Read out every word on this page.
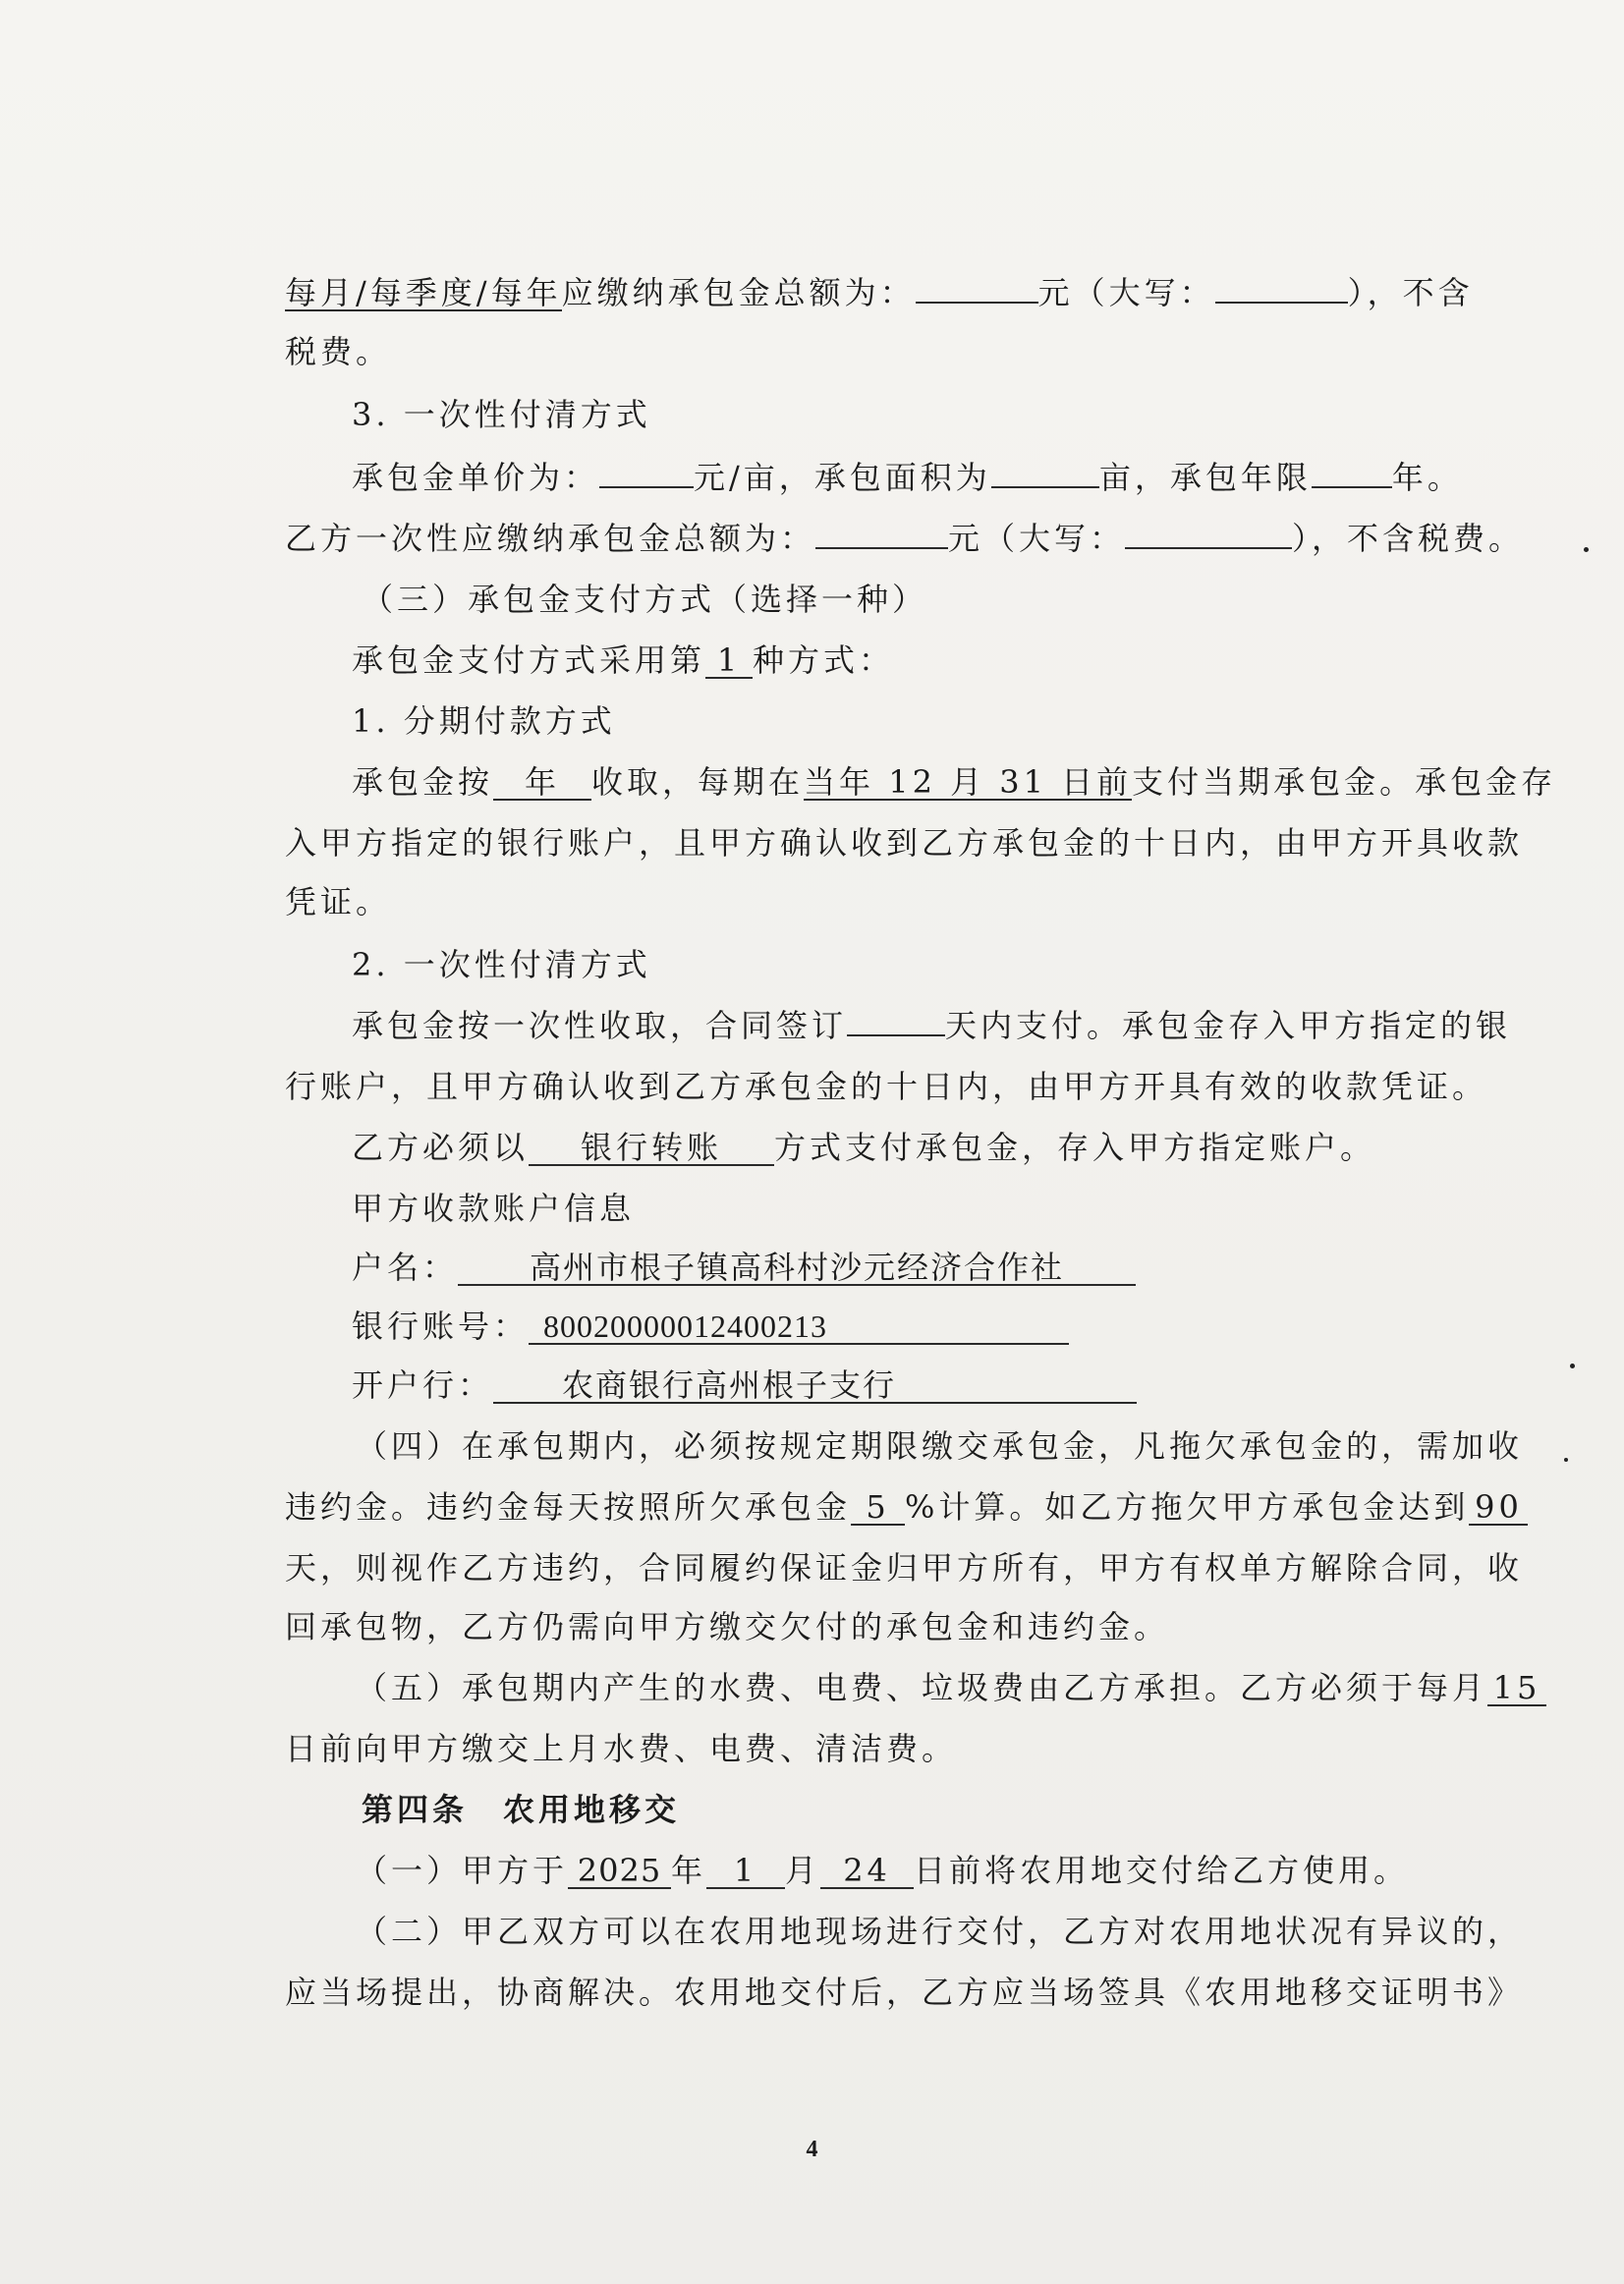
每月/每季度/每年应缴纳承包金总额为：	元（大写：	），不含
税费。
3. 一次性付清方式
承包金单价为：	元/亩，承包面积为	亩，承包年限	年。
乙方一次性应缴纳承包金总额为：	元（大写：	），不含税费。
（三）承包金支付方式（选择一种）
承包金支付方式采用第 1 种方式：
1. 分期付款方式
承包金按 年 收取，每期在当年 12 月 31 日前支付当期承包金。承包金存
入甲方指定的银行账户，且甲方确认收到乙方承包金的十日内，由甲方开具收款
凭证。
2. 一次性付清方式
承包金按一次性收取，合同签订	天内支付。承包金存入甲方指定的银
行账户，且甲方确认收到乙方承包金的十日内，由甲方开具有效的收款凭证。
乙方必须以 银行转账 方式支付承包金，存入甲方指定账户。
甲方收款账户信息
户名： 高州市根子镇高科村沙元经济合作社
银行账号： 80020000012400213
开户行： 农商银行高州根子支行
（四）在承包期内，必须按规定期限缴交承包金，凡拖欠承包金的，需加收
违约金。违约金每天按照所欠承包金 5 %计算。如乙方拖欠甲方承包金达到 90
天，则视作乙方违约，合同履约保证金归甲方所有，甲方有权单方解除合同，收
回承包物，乙方仍需向甲方缴交欠付的承包金和违约金。
（五）承包期内产生的水费、电费、垃圾费由乙方承担。乙方必须于每月 15
日前向甲方缴交上月水费、电费、清洁费。
第四条　农用地移交
（一）甲方于 2025 年 1 月 24 日前将农用地交付给乙方使用。
（二）甲乙双方可以在农用地现场进行交付，乙方对农用地状况有异议的，
应当场提出，协商解决。农用地交付后，乙方应当场签具《农用地移交证明书》
4
